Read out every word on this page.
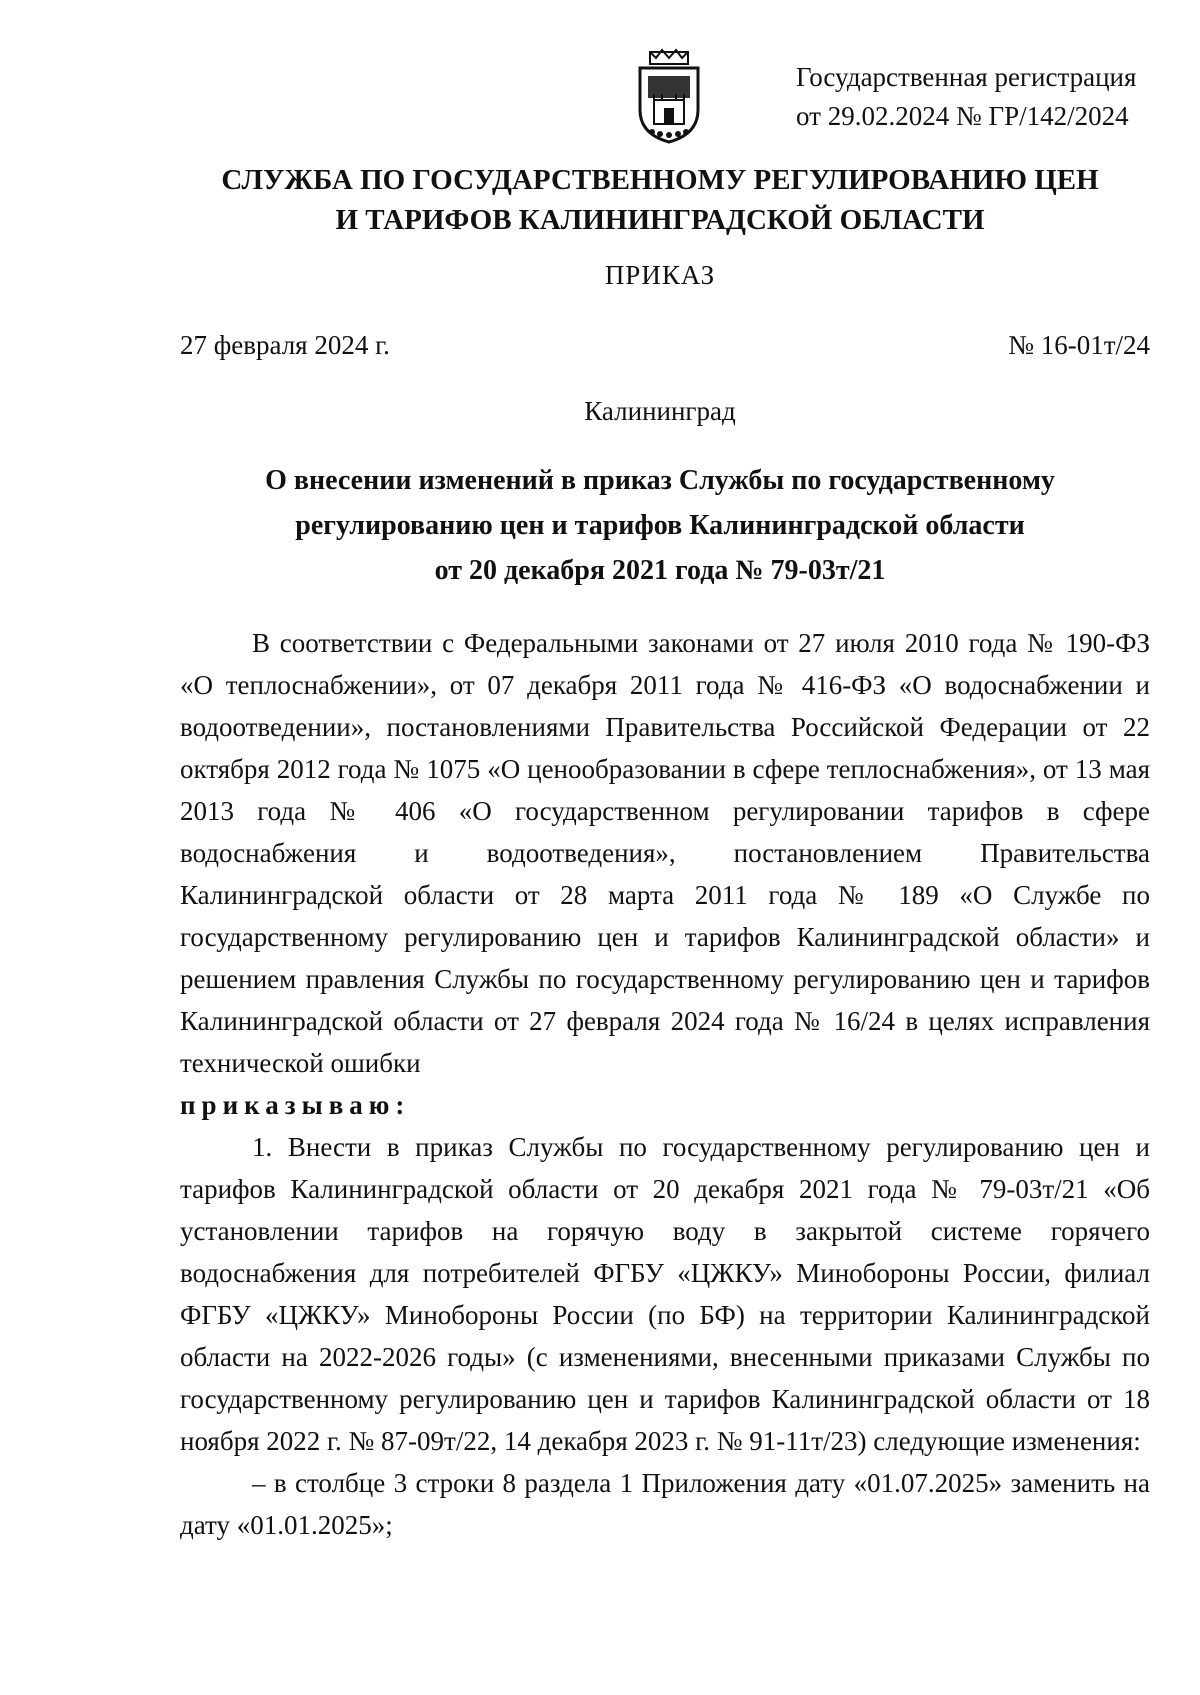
Государственная регистрация
от 29.02.2024 № ГР/142/2024
СЛУЖБА ПО ГОСУДАРСТВЕННОМУ РЕГУЛИРОВАНИЮ ЦЕН
И ТАРИФОВ КАЛИНИНГРАДСКОЙ ОБЛАСТИ
ПРИКАЗ
27 февраля 2024 г.	№ 16-01т/24
Калининград
О внесении изменений в приказ Службы по государственному
регулированию цен и тарифов Калининградской области
от 20 декабря 2021 года № 79-03т/21

В соответствии с Федеральными законами от 27 июля 2010 года № 190-ФЗ «О теплоснабжении», от 07 декабря 2011 года № 416-ФЗ «О водоснабжении и водоотведении», постановлениями Правительства Российской Федерации от 22 октября 2012 года № 1075 «О ценообразовании в сфере теплоснабжения», от 13 мая 2013 года № 406 «О государственном регулировании тарифов в сфере водоснабжения и водоотведения», постановлением Правительства Калининградской области от 28 марта 2011 года № 189 «О Службе по государственному регулированию цен и тарифов Калининградской области» и решением правления Службы по государственному регулированию цен и тарифов Калининградской области от 27 февраля 2024 года № 16/24 в целях исправления технической ошибки

приказываю:

1. Внести в приказ Службы по государственному регулированию цен и тарифов Калининградской области от 20 декабря 2021 года № 79-03т/21 «Об установлении тарифов на горячую воду в закрытой системе горячего водоснабжения для потребителей ФГБУ «ЦЖКУ» Минобороны России, филиал ФГБУ «ЦЖКУ» Минобороны России (по БФ) на территории Калининградской области на 2022-2026 годы» (с изменениями, внесенными приказами Службы по государственному регулированию цен и тарифов Калининградской области от 18 ноября 2022 г. № 87-09т/22, 14 декабря 2023 г. № 91-11т/23) следующие изменения:

– в столбце 3 строки 8 раздела 1 Приложения дату «01.07.2025» заменить на дату «01.01.2025»;
